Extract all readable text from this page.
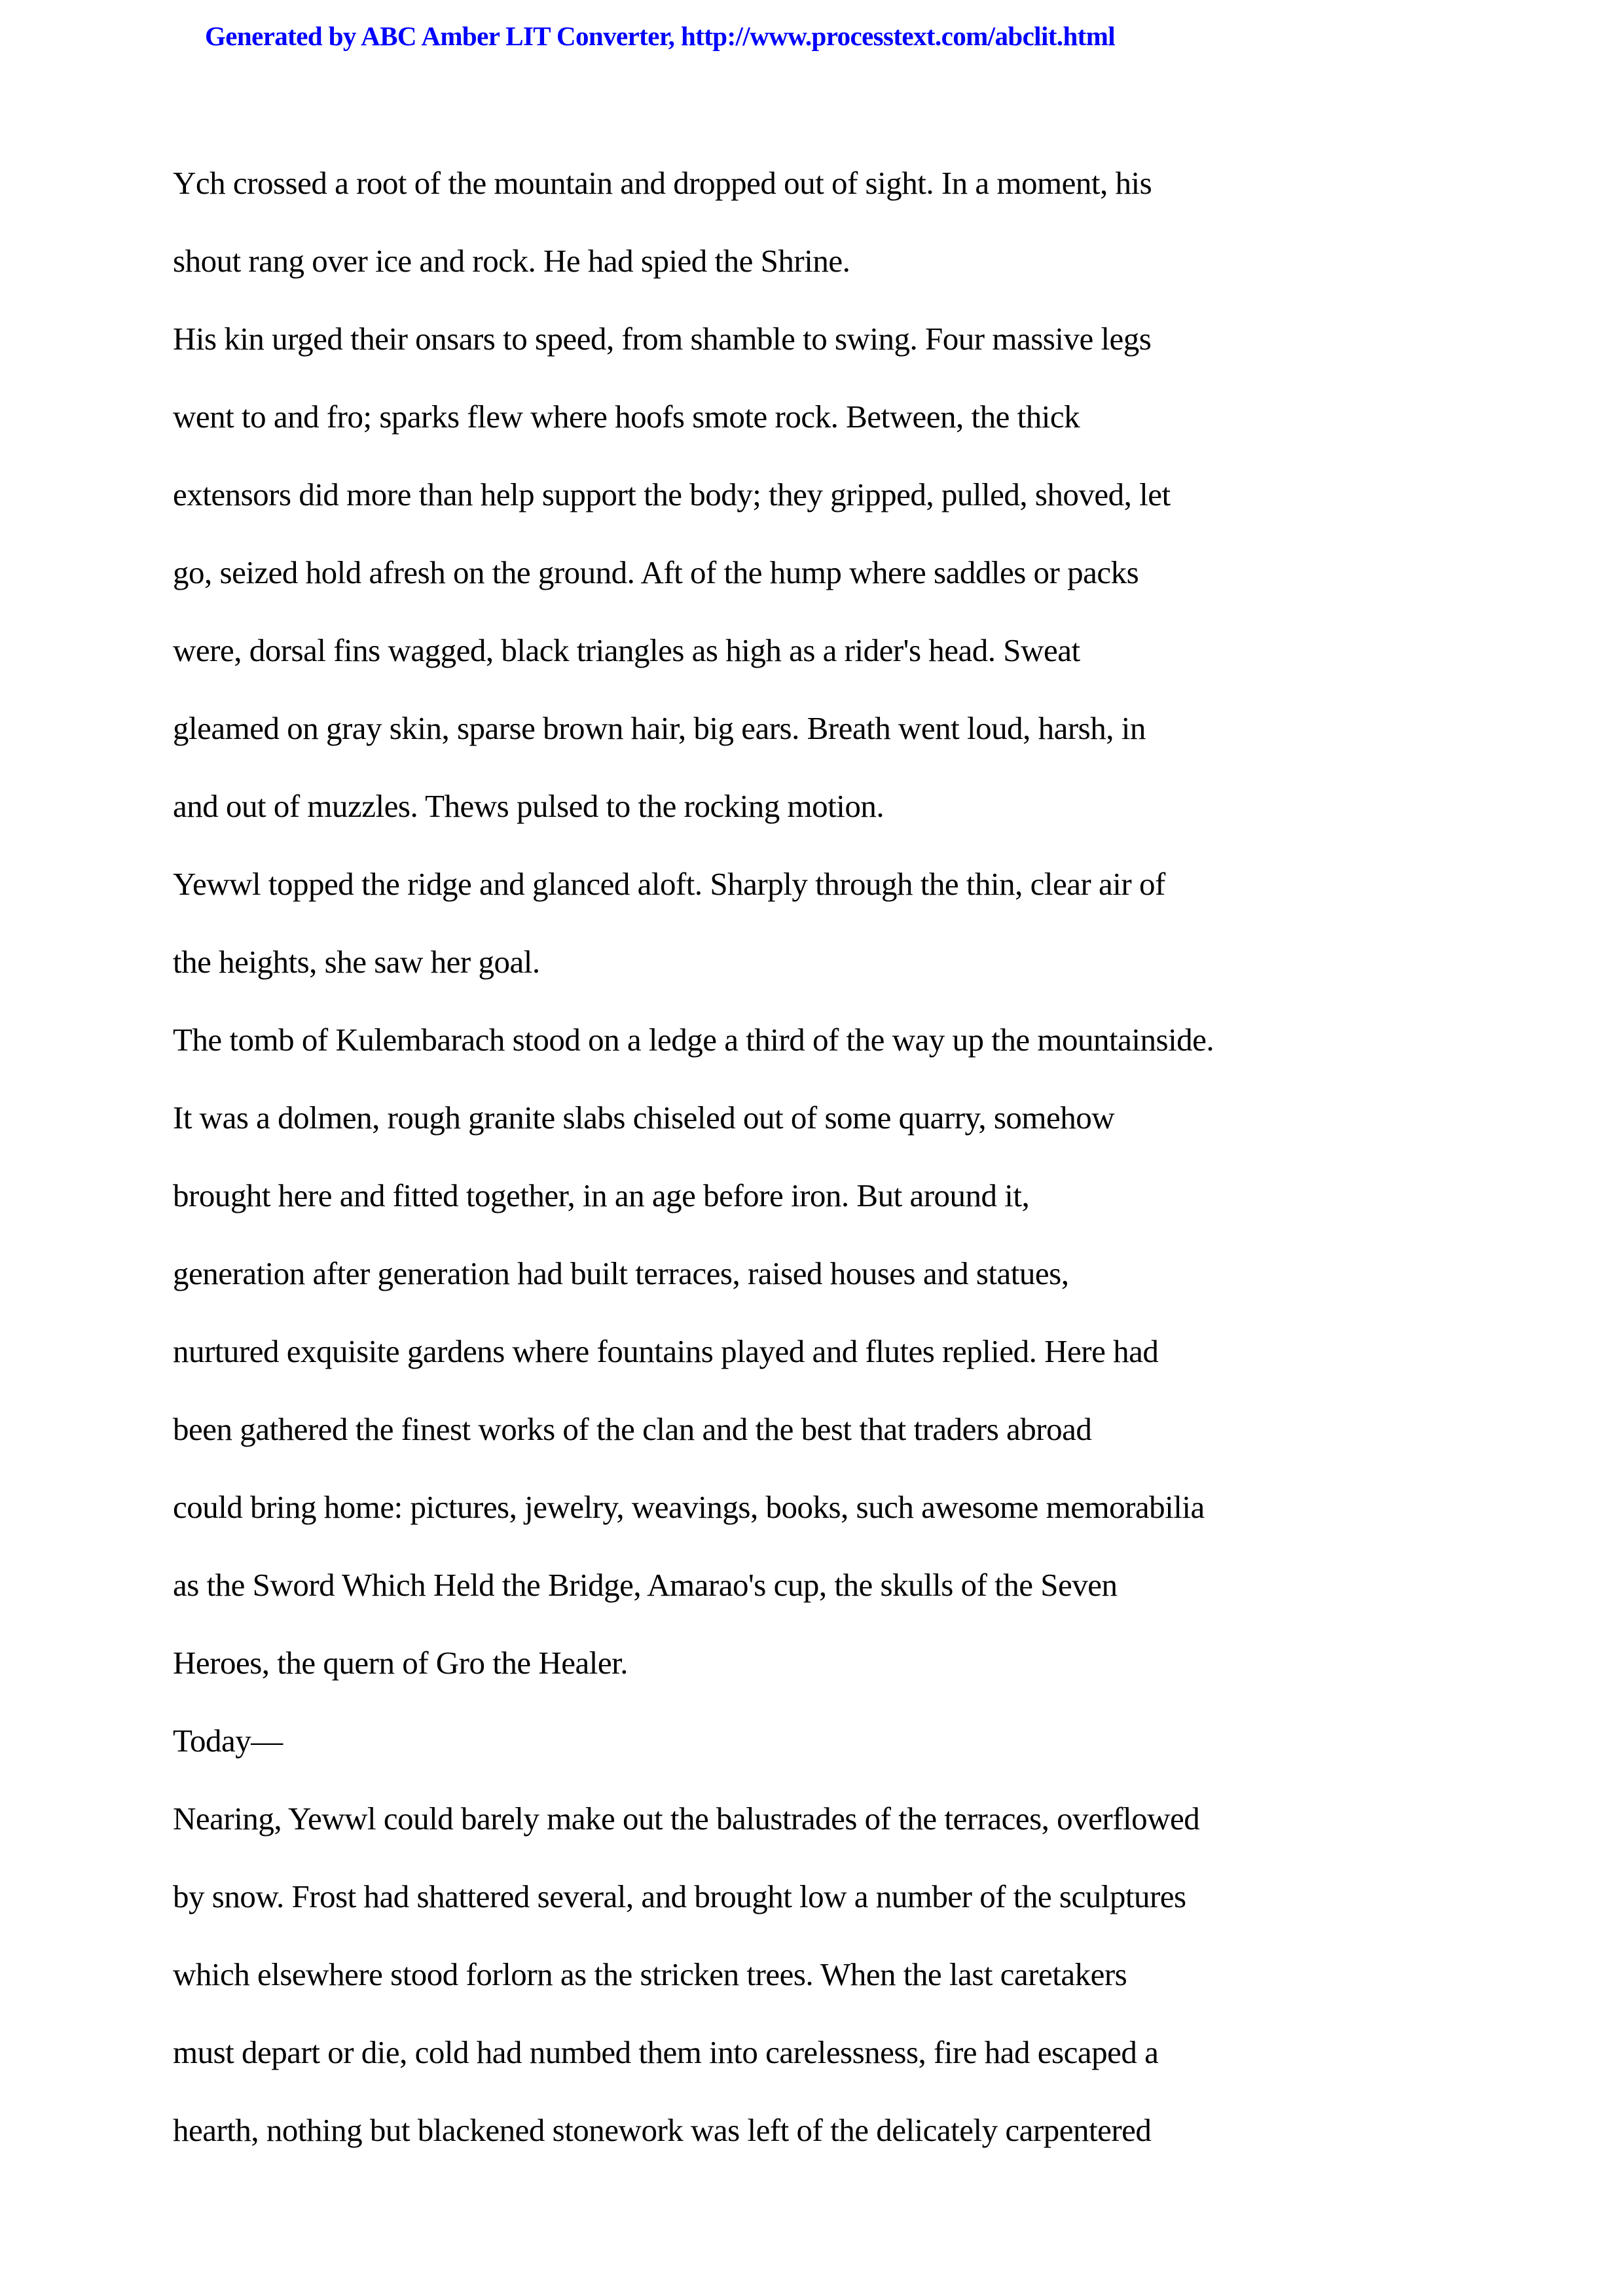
Generated by ABC Amber LIT Converter, http://www.processtext.com/abclit.html
Ych crossed a root of the mountain and dropped out of sight. In a moment, his
shout rang over ice and rock. He had spied the Shrine.
His kin urged their onsars to speed, from shamble to swing. Four massive legs
went to and fro; sparks flew where hoofs smote rock. Between, the thick
extensors did more than help support the body; they gripped, pulled, shoved, let
go, seized hold afresh on the ground. Aft of the hump where saddles or packs
were, dorsal fins wagged, black triangles as high as a rider's head. Sweat
gleamed on gray skin, sparse brown hair, big ears. Breath went loud, harsh, in
and out of muzzles. Thews pulsed to the rocking motion.
Yewwl topped the ridge and glanced aloft. Sharply through the thin, clear air of
the heights, she saw her goal.
The tomb of Kulembarach stood on a ledge a third of the way up the mountainside.
It was a dolmen, rough granite slabs chiseled out of some quarry, somehow
brought here and fitted together, in an age before iron. But around it,
generation after generation had built terraces, raised houses and statues,
nurtured exquisite gardens where fountains played and flutes replied. Here had
been gathered the finest works of the clan and the best that traders abroad
could bring home: pictures, jewelry, weavings, books, such awesome memorabilia
as the Sword Which Held the Bridge, Amarao's cup, the skulls of the Seven
Heroes, the quern of Gro the Healer.
Today—
Nearing, Yewwl could barely make out the balustrades of the terraces, overflowed
by snow. Frost had shattered several, and brought low a number of the sculptures
which elsewhere stood forlorn as the stricken trees. When the last caretakers
must depart or die, cold had numbed them into carelessness, fire had escaped a
hearth, nothing but blackened stonework was left of the delicately carpentered
